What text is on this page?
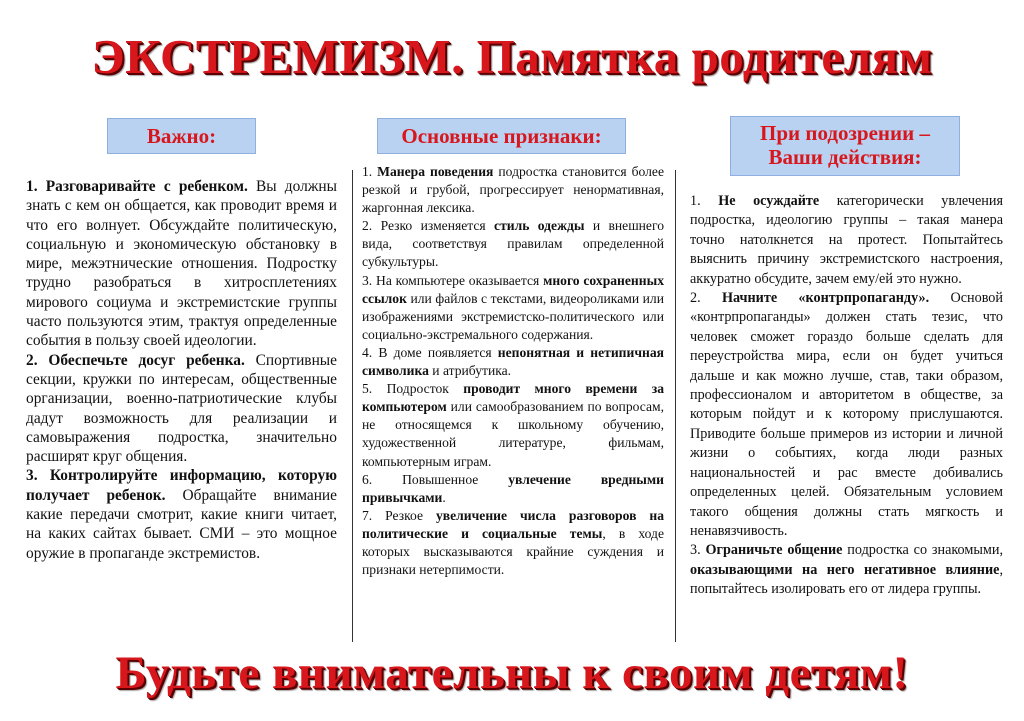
ЭКСТРЕМИЗМ. Памятка родителям
Важно:	Основные признаки:	При подозрении –
Ваши действия:

1. Разговаривайте с ребенком. Вы должны знать с кем он общается, как проводит время и что его волнует. Обсуждайте политическую, социальную и экономическую обстановку в мире, межэтнические отношения. Подростку трудно разобраться в хитросплетениях мирового социума и экстремистские группы часто пользуются этим, трактуя определенные события в пользу своей идеологии.

2. Обеспечьте досуг ребенка. Спортивные секции, кружки по интересам, общественные организации, военно-патриотические клубы дадут возможность для реализации и самовыражения подростка, значительно расширят круг общения.

3. Контролируйте информацию, которую получает ребенок. Обращайте внимание какие передачи смотрит, какие книги читает, на каких сайтах бывает. СМИ – это мощное оружие в пропаганде экстремистов.

1. Манера поведения подростка становится более резкой и грубой, прогрессирует ненормативная, жаргонная лексика.

2. Резко изменяется стиль одежды и внешнего вида, соответствуя правилам определенной субкультуры.

3. На компьютере оказывается много сохраненных ссылок или файлов с текстами, видеороликами или изображениями экстремистско-политического или социально-экстремального содержания.

4. В доме появляется непонятная и нетипичная символика и атрибутика.

5. Подросток проводит много времени за компьютером или самообразованием по вопросам, не относящемся к школьному обучению, художественной литературе, фильмам, компьютерным играм.

6. Повышенное увлечение вредными привычками.

7. Резкое увеличение числа разговоров на политические и социальные темы, в ходе которых высказываются крайние суждения и признаки нетерпимости.

1. Не осуждайте категорически увлечения подростка, идеологию группы – такая манера точно натолкнется на протест. Попытайтесь выяснить причину экстремистского настроения, аккуратно обсудите, зачем ему/ей это нужно.

2. Начните «контрпропаганду». Основой «контрпропаганды» должен стать тезис, что человек сможет гораздо больше сделать для переустройства мира, если он будет учиться дальше и как можно лучше, став, таки образом, профессионалом и авторитетом в обществе, за которым пойдут и к которому прислушаются. Приводите больше примеров из истории и личной жизни о событиях, когда люди разных национальностей и рас вместе добивались определенных целей. Обязательным условием такого общения должны стать мягкость и ненавязчивость.

3. Ограничьте общение подростка со знакомыми, оказывающими на него негативное влияние, попытайтесь изолировать его от лидера группы.

Будьте внимательны к своим детям!
